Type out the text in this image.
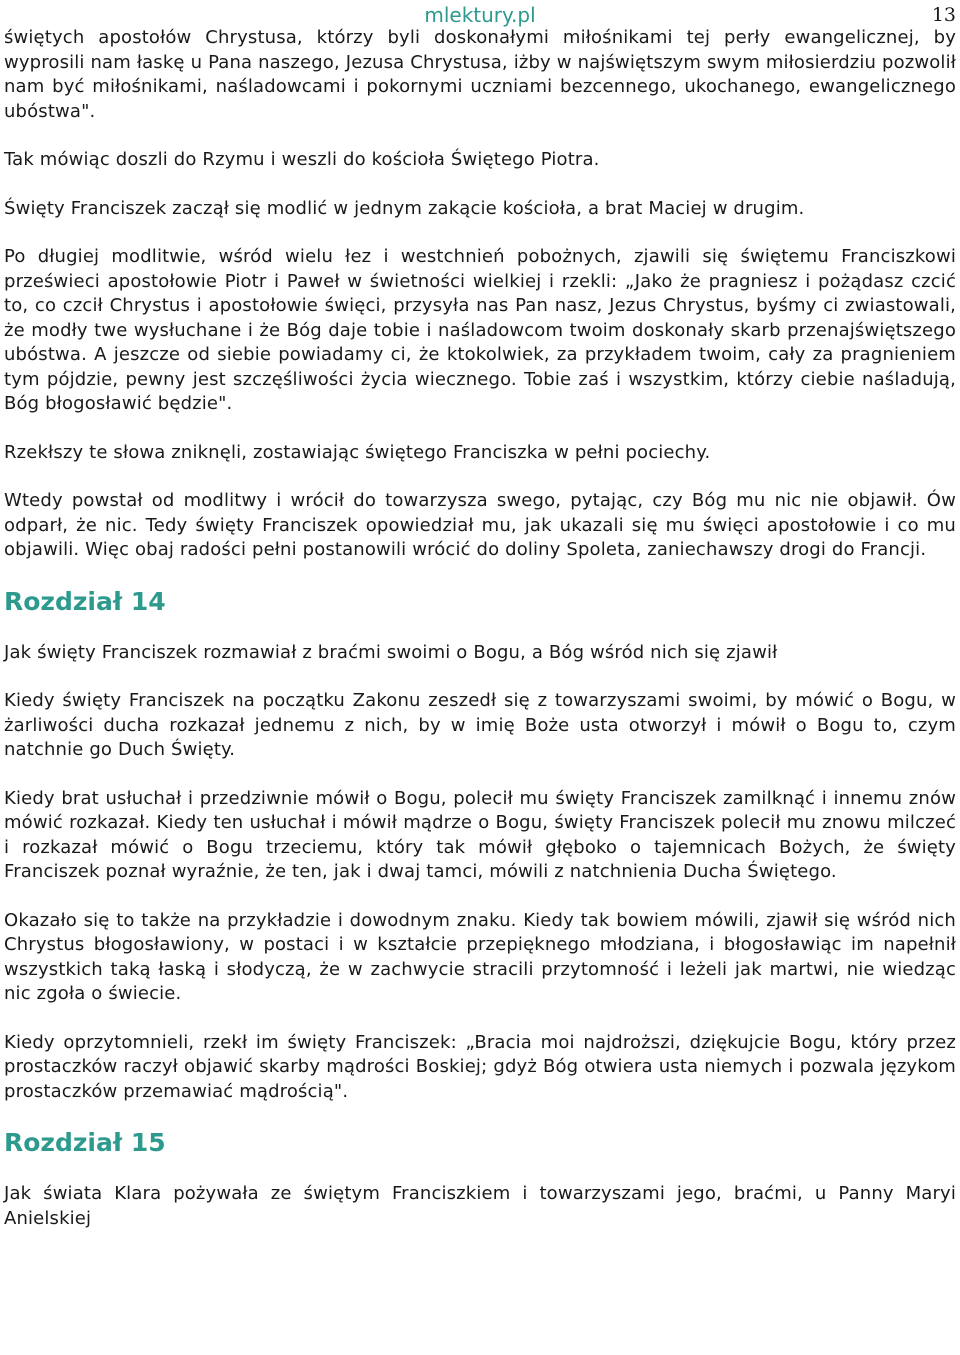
mlektury.pl	13

świętych apostołów Chrystusa, którzy byli doskonałymi miłośnikami tej perły ewangelicznej, by wyprosili nam łaskę u Pana naszego, Jezusa Chrystusa, iżby w najświętszym swym miłosierdziu pozwolił nam być miłośnikami, naśladowcami i pokornymi uczniami bezcennego, ukochanego, ewangelicznego ubóstwa".

Tak mówiąc doszli do Rzymu i weszli do kościoła Świętego Piotra.

Święty Franciszek zaczął się modlić w jednym zakącie kościoła, a brat Maciej w drugim.

Po długiej modlitwie, wśród wielu łez i westchnień pobożnych, zjawili się świętemu Franciszkowi prześwieci apostołowie Piotr i Paweł w świetności wielkiej i rzekli: „Jako że pragniesz i pożądasz czcić to, co czcił Chrystus i apostołowie święci, przysyła nas Pan nasz, Jezus Chrystus, byśmy ci zwiastowali, że modły twe wysłuchane i że Bóg daje tobie i naśladowcom twoim doskonały skarb przenajświętszego ubóstwa. A jeszcze od siebie powiadamy ci, że ktokolwiek, za przykładem twoim, cały za pragnieniem tym pójdzie, pewny jest szczęśliwości życia wiecznego. Tobie zaś i wszystkim, którzy ciebie naśladują, Bóg błogosławić będzie".

Rzekłszy te słowa zniknęli, zostawiając świętego Franciszka w pełni pociechy.

Wtedy powstał od modlitwy i wrócił do towarzysza swego, pytając, czy Bóg mu nic nie objawił. Ów odparł, że nic. Tedy święty Franciszek opowiedział mu, jak ukazali się mu święci apostołowie i co mu objawili. Więc obaj radości pełni postanowili wrócić do doliny Spoleta, zaniechawszy drogi do Francji.

Rozdział 14

Jak święty Franciszek rozmawiał z braćmi swoimi o Bogu, a Bóg wśród nich się zjawił

Kiedy święty Franciszek na początku Zakonu zeszedł się z towarzyszami swoimi, by mówić o Bogu, w żarliwości ducha rozkazał jednemu z nich, by w imię Boże usta otworzył i mówił o Bogu to, czym natchnie go Duch Święty.

Kiedy brat usłuchał i przedziwnie mówił o Bogu, polecił mu święty Franciszek zamilknąć i innemu znów mówić rozkazał. Kiedy ten usłuchał i mówił mądrze o Bogu, święty Franciszek polecił mu znowu milczeć i rozkazał mówić o Bogu trzeciemu, który tak mówił głęboko o tajemnicach Bożych, że święty Franciszek poznał wyraźnie, że ten, jak i dwaj tamci, mówili z natchnienia Ducha Świętego.

Okazało się to także na przykładzie i dowodnym znaku. Kiedy tak bowiem mówili, zjawił się wśród nich Chrystus błogosławiony, w postaci i w kształcie przepięknego młodziana, i błogosławiąc im napełnił wszystkich taką łaską i słodyczą, że w zachwycie stracili przytomność i leżeli jak martwi, nie wiedząc nic zgoła o świecie.

Kiedy oprzytomnieli, rzekł im święty Franciszek: „Bracia moi najdroższi, dziękujcie Bogu, który przez prostaczków raczył objawić skarby mądrości Boskiej; gdyż Bóg otwiera usta niemych i pozwala językom prostaczków przemawiać mądrością".

Rozdział 15

Jak świata Klara pożywała ze świętym Franciszkiem i towarzyszami jego, braćmi, u Panny Maryi Anielskiej
